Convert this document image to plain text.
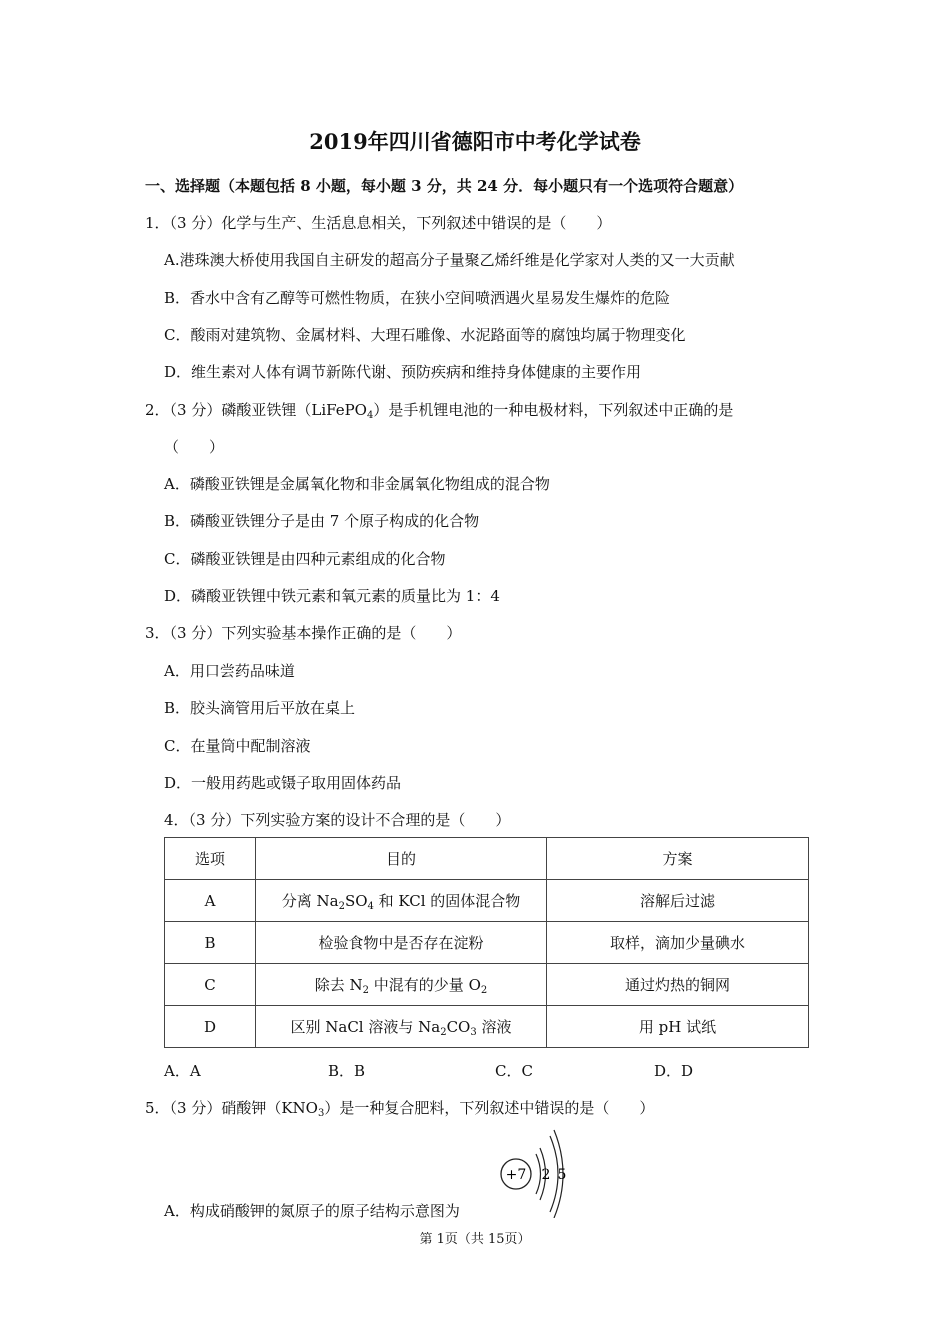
2019年四川省德阳市中考化学试卷
一、选择题（本题包括 8 小题，每小题 3 分，共 24 分．每小题只有一个选项符合题意）
1．（3 分）化学与生产、生活息息相关，下列叙述中错误的是（　　）
A.港珠澳大桥使用我国自主研发的超高分子量聚乙烯纤维是化学家对人类的又一大贡献
B．香水中含有乙醇等可燃性物质，在狭小空间喷洒遇火星易发生爆炸的危险
C．酸雨对建筑物、金属材料、大理石雕像、水泥路面等的腐蚀均属于物理变化
D．维生素对人体有调节新陈代谢、预防疾病和维持身体健康的主要作用
2．（3 分）磷酸亚铁锂（LiFePO$_4$）是手机锂电池的一种电极材料，下列叙述中正确的是
（　　）
A．磷酸亚铁锂是金属氧化物和非金属氧化物组成的混合物
B．磷酸亚铁锂分子是由 7 个原子构成的化合物
C．磷酸亚铁锂是由四种元素组成的化合物
D．磷酸亚铁锂中铁元素和氧元素的质量比为 1：4
3．（3 分）下列实验基本操作正确的是（　　）
A．用口尝药品味道
B．胶头滴管用后平放在桌上
C．在量筒中配制溶液
D．一般用药匙或镊子取用固体药品
4．（3 分）下列实验方案的设计不合理的是（　　）
选项	目的	方案
A	分离 $Na_2SO_4$ 和 KCl 的固体混合物	溶解后过滤
B	检验食物中是否存在淀粉	取样，滴加少量碘水
C	除去 $N_2$ 中混有的少量 $O_2$	通过灼热的铜网
D	区别 NaCl 溶液与 $Na_2CO_3$ 溶液	用 pH 试纸
A．A	B．B	C．C	D．D
5．（3 分）硝酸钾$(KNO_3)$是一种复合肥料，下列叙述中错误的是（　　）
A．构成硝酸钾的氮原子的原子结构示意图为
+7 2 5
第 1页（共 15页）
